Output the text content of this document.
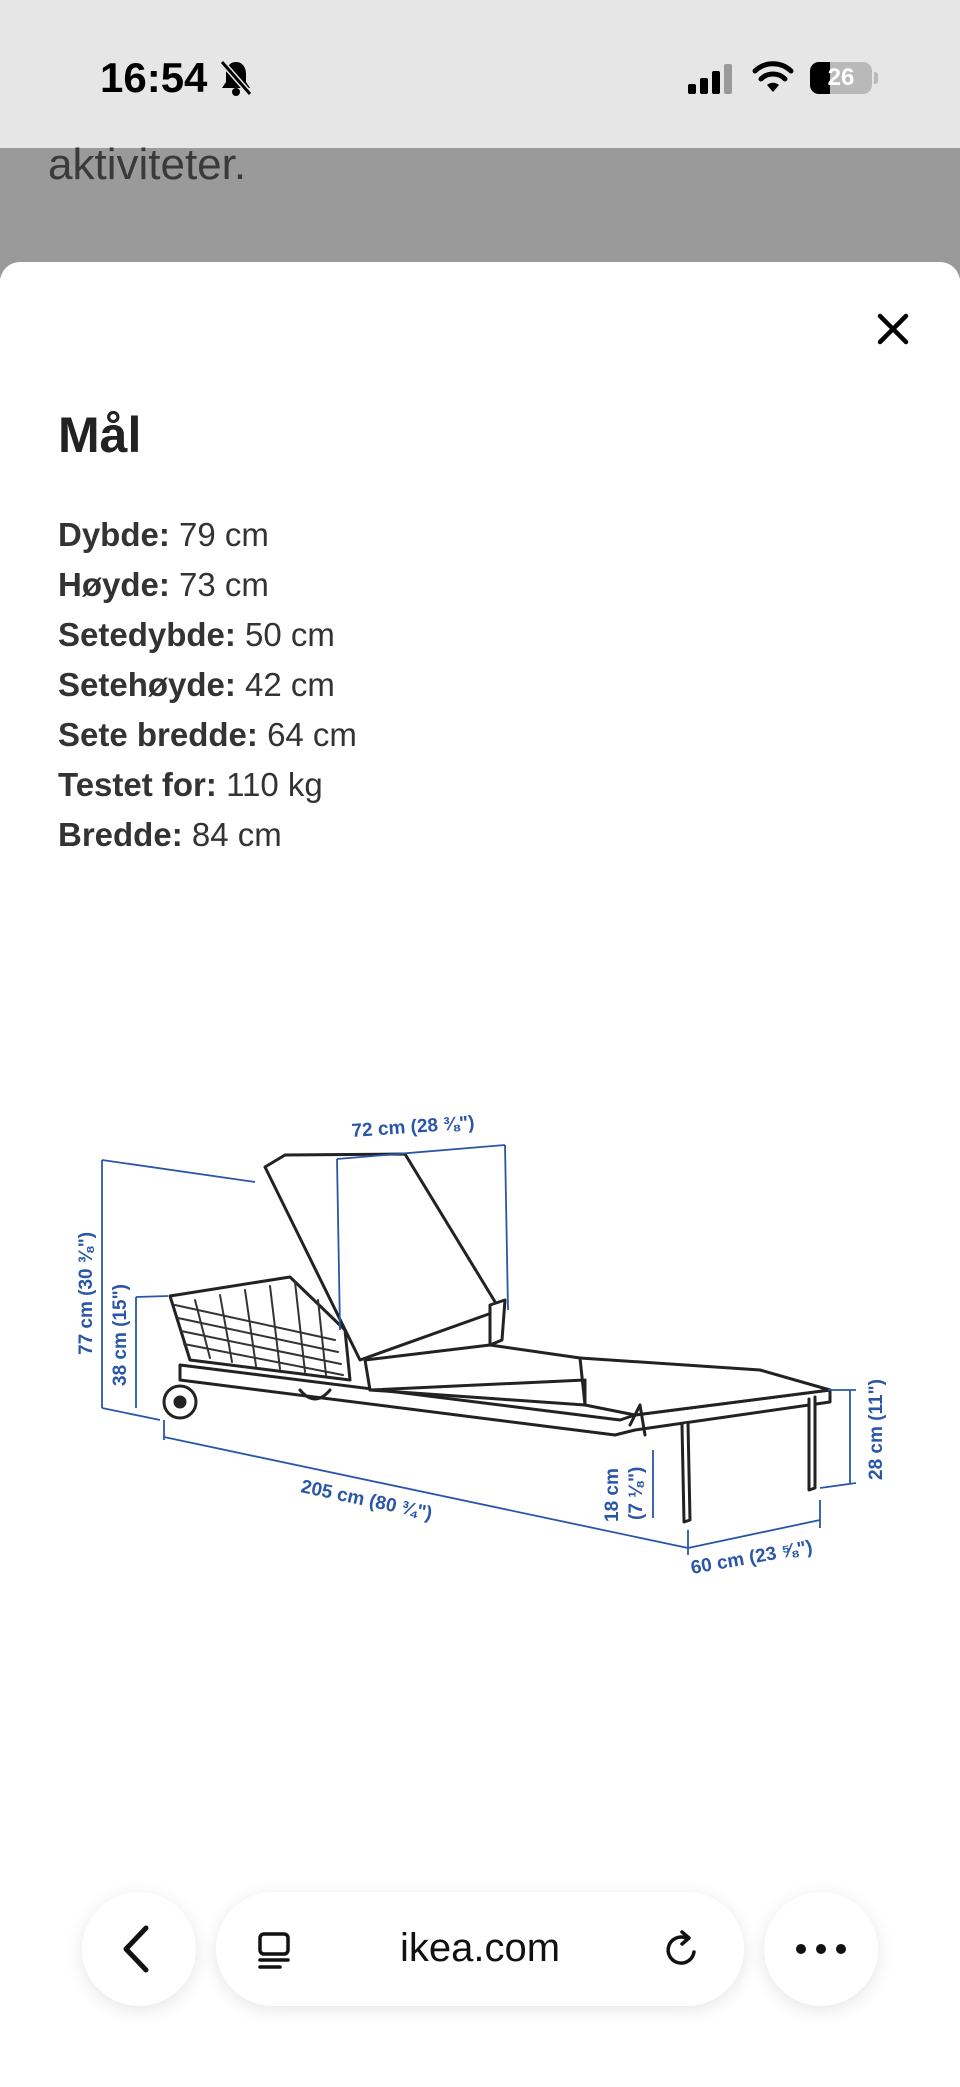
16:54	26
aktiviteter.
Mål
Dybde: 79 cm
Høyde: 73 cm
Setedybde: 50 cm
Setehøyde: 42 cm
Sete bredde: 64 cm
Testet for: 110 kg
Bredde: 84 cm
72 cm (28 ⅜")
77 cm (30 ⅜") 38 cm (15")
205 cm (80 ¾")	18 cm (7 ⅛")
60 cm (23 ⅝")
28 cm (11")
ikea.com
